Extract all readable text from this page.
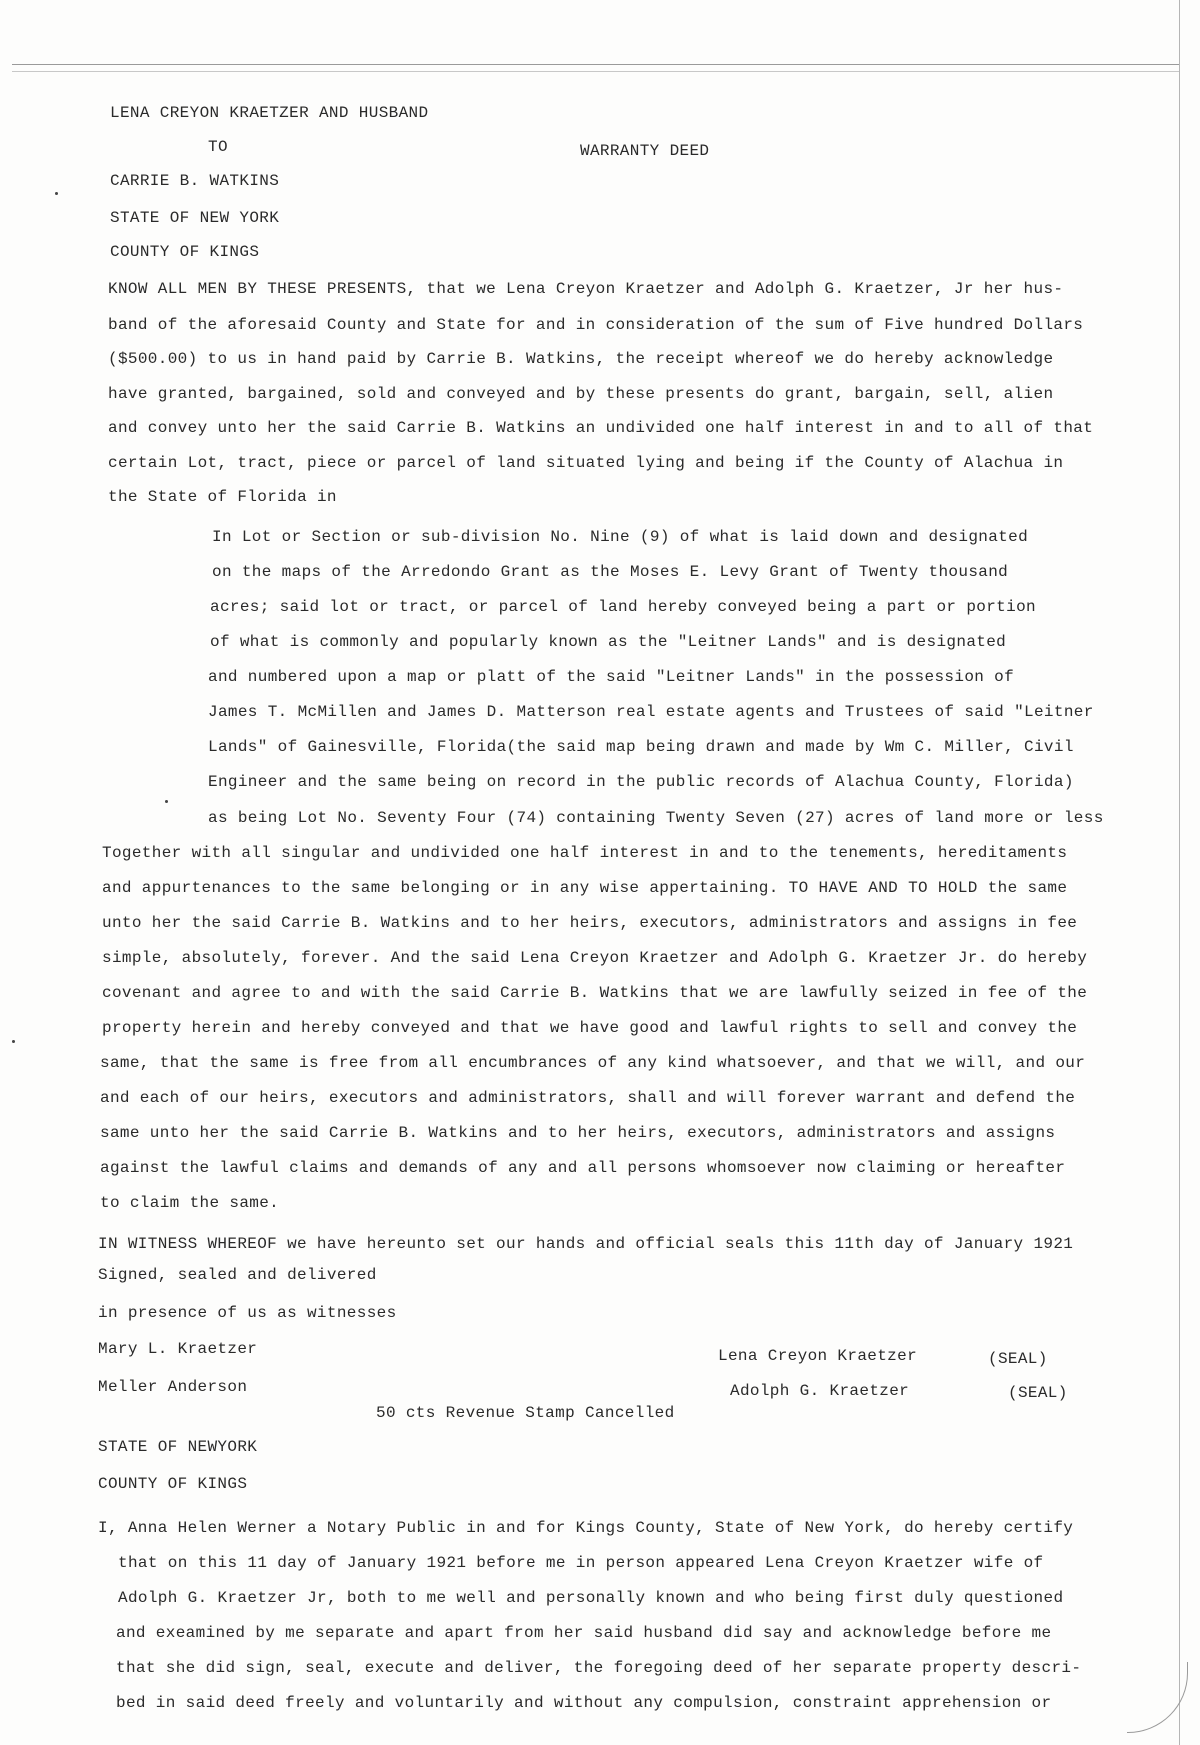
LENA CREYON KRAETZER AND HUSBAND
TO	WARRANTY DEED
CARRIE B. WATKINS
STATE OF NEW YORK
COUNTY OF KINGS
KNOW ALL MEN BY THESE PRESENTS, that we Lena Creyon Kraetzer and Adolph G. Kraetzer, Jr her hus-
band of the aforesaid County and State for and in consideration of the sum of Five hundred Dollars
($500.00) to us in hand paid by Carrie B. Watkins, the receipt whereof we do hereby acknowledge
have granted, bargained, sold and conveyed and by these presents do grant, bargain, sell, alien
and convey unto her the said Carrie B. Watkins an undivided one half interest in and to all of that
certain Lot, tract, piece or parcel of land situated lying and being if the County of Alachua in
the State of Florida in
In Lot or Section or sub-division No. Nine (9) of what is laid down and designated
on the maps of the Arredondo Grant as the Moses E. Levy Grant of Twenty thousand
acres; said lot or tract, or parcel of land hereby conveyed being a part or portion
of what is commonly and popularly known as the "Leitner Lands" and is designated
and numbered upon a map or platt of the said "Leitner Lands" in the possession of
James T. McMillen and James D. Matterson real estate agents and Trustees of said "Leitner
Lands" of Gainesville, Florida(the said map being drawn and made by Wm C. Miller, Civil
Engineer and the same being on record in the public records of Alachua County, Florida)
as being Lot No. Seventy Four (74) containing Twenty Seven (27) acres of land more or less
Together with all singular and undivided one half interest in and to the tenements, hereditaments
and appurtenances to the same belonging or in any wise appertaining. TO HAVE AND TO HOLD the same
unto her the said Carrie B. Watkins and to her heirs, executors, administrators and assigns in fee
simple, absolutely, forever. And the said Lena Creyon Kraetzer and Adolph G. Kraetzer Jr. do hereby
covenant and agree to and with the said Carrie B. Watkins that we are lawfully seized in fee of the
property herein and hereby conveyed and that we have good and lawful rights to sell and convey the
same, that the same is free from all encumbrances of any kind whatsoever, and that we will, and our
and each of our heirs, executors and administrators, shall and will forever warrant and defend the
same unto her the said Carrie B. Watkins and to her heirs, executors, administrators and assigns
against the lawful claims and demands of any and all persons whomsoever now claiming or hereafter
to claim the same.
IN WITNESS WHEREOF we have hereunto set our hands and official seals this 11th day of January 1921
Signed, sealed and delivered
in presence of us as witnesses
Mary L. Kraetzer
Meller Anderson
Lena Creyon Kraetzer	(SEAL)
Adolph G. Kraetzer	(SEAL)
50 cts Revenue Stamp Cancelled
STATE OF NEWYORK
COUNTY OF KINGS
I, Anna Helen Werner a Notary Public in and for Kings County, State of New York, do hereby certify
that on this 11 day of January 1921 before me in person appeared Lena Creyon Kraetzer wife of
Adolph G. Kraetzer Jr, both to me well and personally known and who being first duly questioned
and exeamined by me separate and apart from her said husband did say and acknowledge before me
that she did sign, seal, execute and deliver, the foregoing deed of her separate property descri-
bed in said deed freely and voluntarily and without any compulsion, constraint apprehension or
